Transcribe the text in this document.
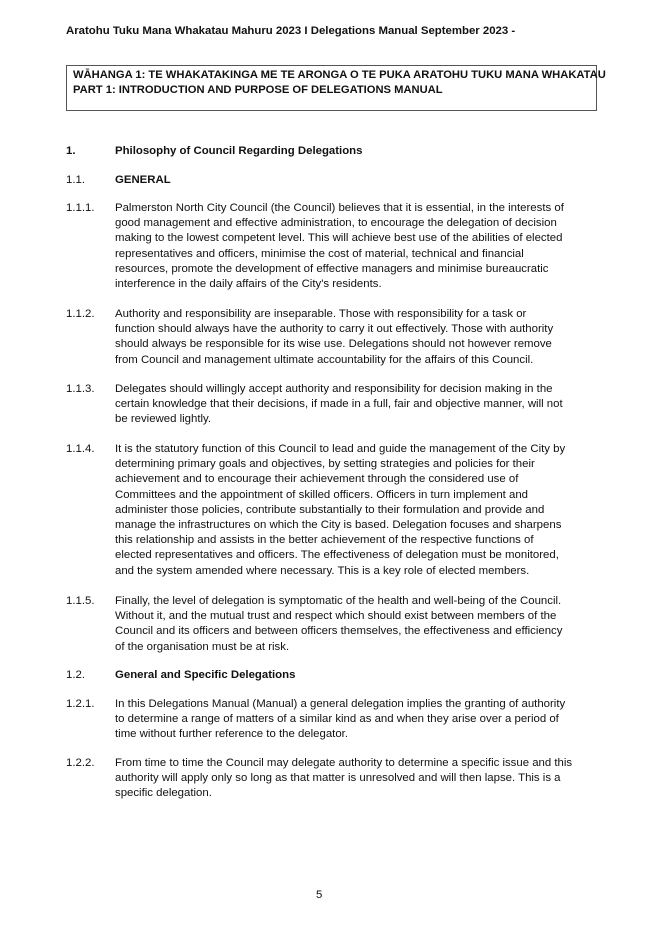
Aratohu Tuku Mana Whakatau Mahuru 2023 I Delegations Manual September 2023 -
WĀHANGA 1: TE WHAKATAKINGA ME TE ARONGA O TE PUKA ARATOHU TUKU MANA WHAKATAU
PART 1: INTRODUCTION AND PURPOSE OF DELEGATIONS MANUAL
1.	Philosophy of Council Regarding Delegations
1.1.	GENERAL
1.1.1. Palmerston North City Council (the Council) believes that it is essential, in the interests of
good management and effective administration, to encourage the delegation of decision
making to the lowest competent level. This will achieve best use of the abilities of elected
representatives and officers, minimise the cost of material, technical and financial
resources, promote the development of effective managers and minimise bureaucratic
interference in the daily affairs of the City's residents.
1.1.2. Authority and responsibility are inseparable. Those with responsibility for a task or
function should always have the authority to carry it out effectively. Those with authority
should always be responsible for its wise use. Delegations should not however remove
from Council and management ultimate accountability for the affairs of this Council.
1.1.3. Delegates should willingly accept authority and responsibility for decision making in the
certain knowledge that their decisions, if made in a full, fair and objective manner, will not
be reviewed lightly.
1.1.4. It is the statutory function of this Council to lead and guide the management of the City by
determining primary goals and objectives, by setting strategies and policies for their
achievement and to encourage their achievement through the considered use of
Committees and the appointment of skilled officers. Officers in turn implement and
administer those policies, contribute substantially to their formulation and provide and
manage the infrastructures on which the City is based. Delegation focuses and sharpens
this relationship and assists in the better achievement of the respective functions of
elected representatives and officers. The effectiveness of delegation must be monitored,
and the system amended where necessary. This is a key role of elected members.
1.1.5. Finally, the level of delegation is symptomatic of the health and well-being of the Council.
Without it, and the mutual trust and respect which should exist between members of the
Council and its officers and between officers themselves, the effectiveness and efficiency
of the organisation must be at risk.
1.2.	General and Specific Delegations
1.2.1. In this Delegations Manual (Manual) a general delegation implies the granting of authority
to determine a range of matters of a similar kind as and when they arise over a period of
time without further reference to the delegator.
1.2.2. From time to time the Council may delegate authority to determine a specific issue and this
authority will apply only so long as that matter is unresolved and will then lapse. This is a
specific delegation.
5
